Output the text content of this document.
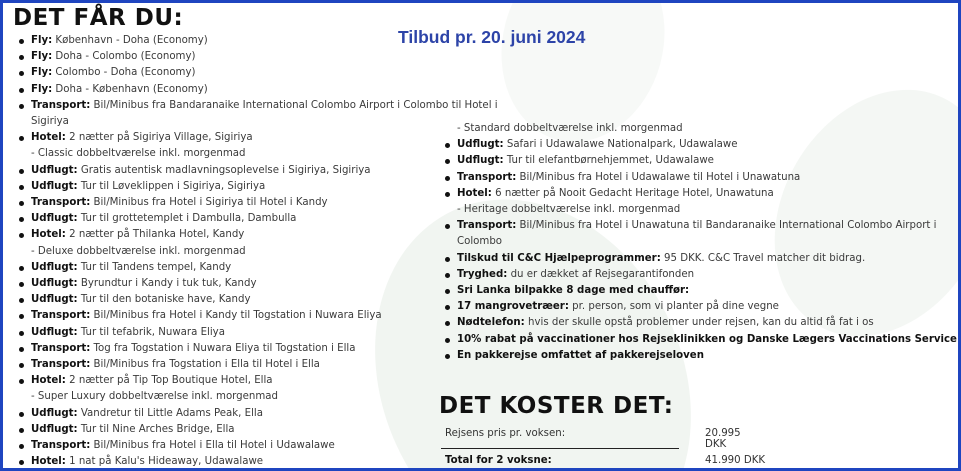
DET FÅR DU:
Tilbud pr. 20. juni 2024
Fly: København - Doha (Economy)
Fly: Doha - Colombo (Economy)
Fly: Colombo - Doha (Economy)
Fly: Doha - København (Economy)
Transport: Bil/Minibus fra Bandaranaike International Colombo Airport i Colombo til Hotel i
Sigiriya
Hotel: 2 nætter på Sigiriya Village, Sigiriya
- Classic dobbeltværelse inkl. morgenmad
Udflugt: Gratis autentisk madlavningsoplevelse i Sigiriya, Sigiriya
Udflugt: Tur til Løveklippen i Sigiriya, Sigiriya
Transport: Bil/Minibus fra Hotel i Sigiriya til Hotel i Kandy
Udflugt: Tur til grottetemplet i Dambulla, Dambulla
Hotel: 2 nætter på Thilanka Hotel, Kandy
- Deluxe dobbeltværelse inkl. morgenmad
Udflugt: Tur til Tandens tempel, Kandy
Udflugt: Byrundtur i Kandy i tuk tuk, Kandy
Udflugt: Tur til den botaniske have, Kandy
Transport: Bil/Minibus fra Hotel i Kandy til Togstation i Nuwara Eliya
Udflugt: Tur til tefabrik, Nuwara Eliya
Transport: Tog fra Togstation i Nuwara Eliya til Togstation i Ella
Transport: Bil/Minibus fra Togstation i Ella til Hotel i Ella
Hotel: 2 nætter på Tip Top Boutique Hotel, Ella
- Super Luxury dobbeltværelse inkl. morgenmad
Udflugt: Vandretur til Little Adams Peak, Ella
Udflugt: Tur til Nine Arches Bridge, Ella
Transport: Bil/Minibus fra Hotel i Ella til Hotel i Udawalawe
Hotel: 1 nat på Kalu's Hideaway, Udawalawe
- Standard dobbeltværelse inkl. morgenmad
Udflugt: Safari i Udawalawe Nationalpark, Udawalawe
Udflugt: Tur til elefantbørnehjemmet, Udawalawe
Transport: Bil/Minibus fra Hotel i Udawalawe til Hotel i Unawatuna
Hotel: 6 nætter på Nooit Gedacht Heritage Hotel, Unawatuna
- Heritage dobbeltværelse inkl. morgenmad
Transport: Bil/Minibus fra Hotel i Unawatuna til Bandaranaike International Colombo Airport i
Colombo
Tilskud til C&C Hjælpeprogrammer: 95 DKK. C&C Travel matcher dit bidrag.
Tryghed: du er dækket af Rejsegarantifonden
Sri Lanka bilpakke 8 dage med chauffør:
17 mangrovetræer: pr. person, som vi planter på dine vegne
Nødtelefon: hvis der skulle opstå problemer under rejsen, kan du altid få fat i os
10% rabat på vaccinationer hos Rejseklinikken og Danske Lægers Vaccinations Service
En pakkerejse omfattet af pakkerejseloven
DET KOSTER DET:
Rejsens pris pr. voksen:	20.995 DKK
Total for 2 voksne:	41.990 DKK
